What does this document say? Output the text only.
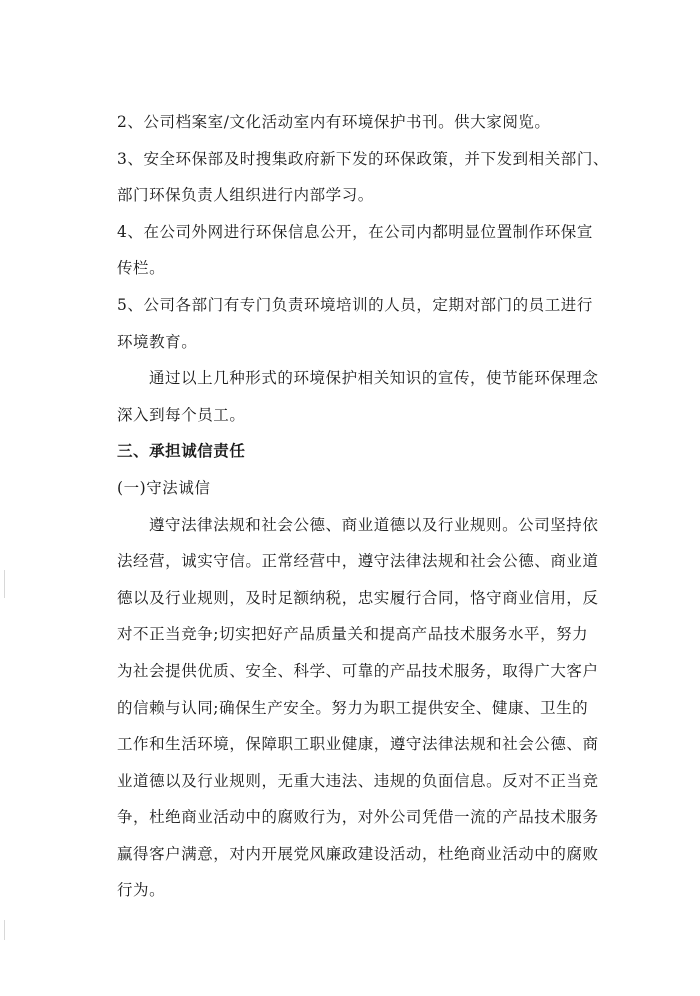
2、公司档案室/文化活动室内有环境保护书刊。供大家阅览。
3、安全环保部及时搜集政府新下发的环保政策，并下发到相关部门、
部门环保负责人组织进行内部学习。
4、在公司外网进行环保信息公开，在公司内都明显位置制作环保宣
传栏。
5、公司各部门有专门负责环境培训的人员，定期对部门的员工进行
环境教育。
通过以上几种形式的环境保护相关知识的宣传，使节能环保理念
深入到每个员工。
三、承担诚信责任
(一)守法诚信
遵守法律法规和社会公德、商业道德以及行业规则。公司坚持依
法经营，诚实守信。正常经营中，遵守法律法规和社会公德、商业道
德以及行业规则，及时足额纳税，忠实履行合同，恪守商业信用，反
对不正当竞争;切实把好产品质量关和提高产品技术服务水平，努力
为社会提供优质、安全、科学、可靠的产品技术服务，取得广大客户
的信赖与认同;确保生产安全。努力为职工提供安全、健康、卫生的
工作和生活环境，保障职工职业健康，遵守法律法规和社会公德、商
业道德以及行业规则，无重大违法、违规的负面信息。反对不正当竞
争，杜绝商业活动中的腐败行为，对外公司凭借一流的产品技术服务
赢得客户满意，对内开展党风廉政建设活动，杜绝商业活动中的腐败
行为。
